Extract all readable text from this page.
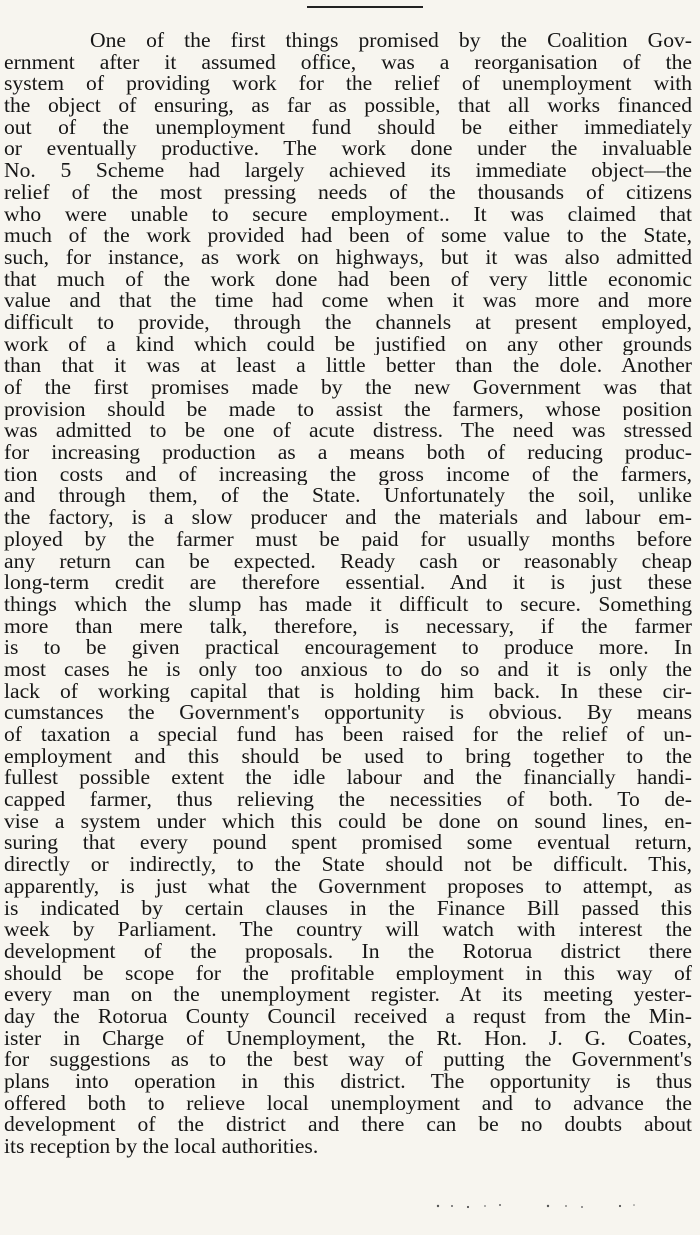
One of the first things promised by the Coalition Gov-
ernment after it assumed office, was a reorganisation of the
system of providing work for the relief of unemployment with
the object of ensuring, as far as possible, that all works financed
out of the unemployment fund should be either immediately
or eventually productive. The work done under the invaluable
No. 5 Scheme had largely achieved its immediate object—the
relief of the most pressing needs of the thousands of citizens
who were unable to secure employment.. It was claimed that
much of the work provided had been of some value to the State,
such, for instance, as work on highways, but it was also admitted
that much of the work done had been of very little economic
value and that the time had come when it was more and more
difficult to provide, through the channels at present employed,
work of a kind which could be justified on any other grounds
than that it was at least a little better than the dole. Another
of the first promises made by the new Government was that
provision should be made to assist the farmers, whose position
was admitted to be one of acute distress. The need was stressed
for increasing production as a means both of reducing produc-
tion costs and of increasing the gross income of the farmers,
and through them, of the State. Unfortunately the soil, unlike
the factory, is a slow producer and the materials and labour em-
ployed by the farmer must be paid for usually months before
any return can be expected. Ready cash or reasonably cheap
long-term credit are therefore essential. And it is just these
things which the slump has made it difficult to secure. Something
more than mere talk, therefore, is necessary, if the farmer
is to be given practical encouragement to produce more. In
most cases he is only too anxious to do so and it is only the
lack of working capital that is holding him back. In these cir-
cumstances the Government's opportunity is obvious. By means
of taxation a special fund has been raised for the relief of un-
employment and this should be used to bring together to the
fullest possible extent the idle labour and the financially handi-
capped farmer, thus relieving the necessities of both. To de-
vise a system under which this could be done on sound lines, en-
suring that every pound spent promised some eventual return,
directly or indirectly, to the State should not be difficult. This,
apparently, is just what the Government proposes to attempt, as
is indicated by certain clauses in the Finance Bill passed this
week by Parliament. The country will watch with interest the
development of the proposals. In the Rotorua district there
should be scope for the profitable employment in this way of
every man on the unemployment register. At its meeting yester-
day the Rotorua County Council received a requst from the Min-
ister in Charge of Unemployment, the Rt. Hon. J. G. Coates,
for suggestions as to the best way of putting the Government's
plans into operation in this district. The opportunity is thus
offered both to relieve local unemployment and to advance the
development of the district and there can be no doubts about
its reception by the local authorities.
